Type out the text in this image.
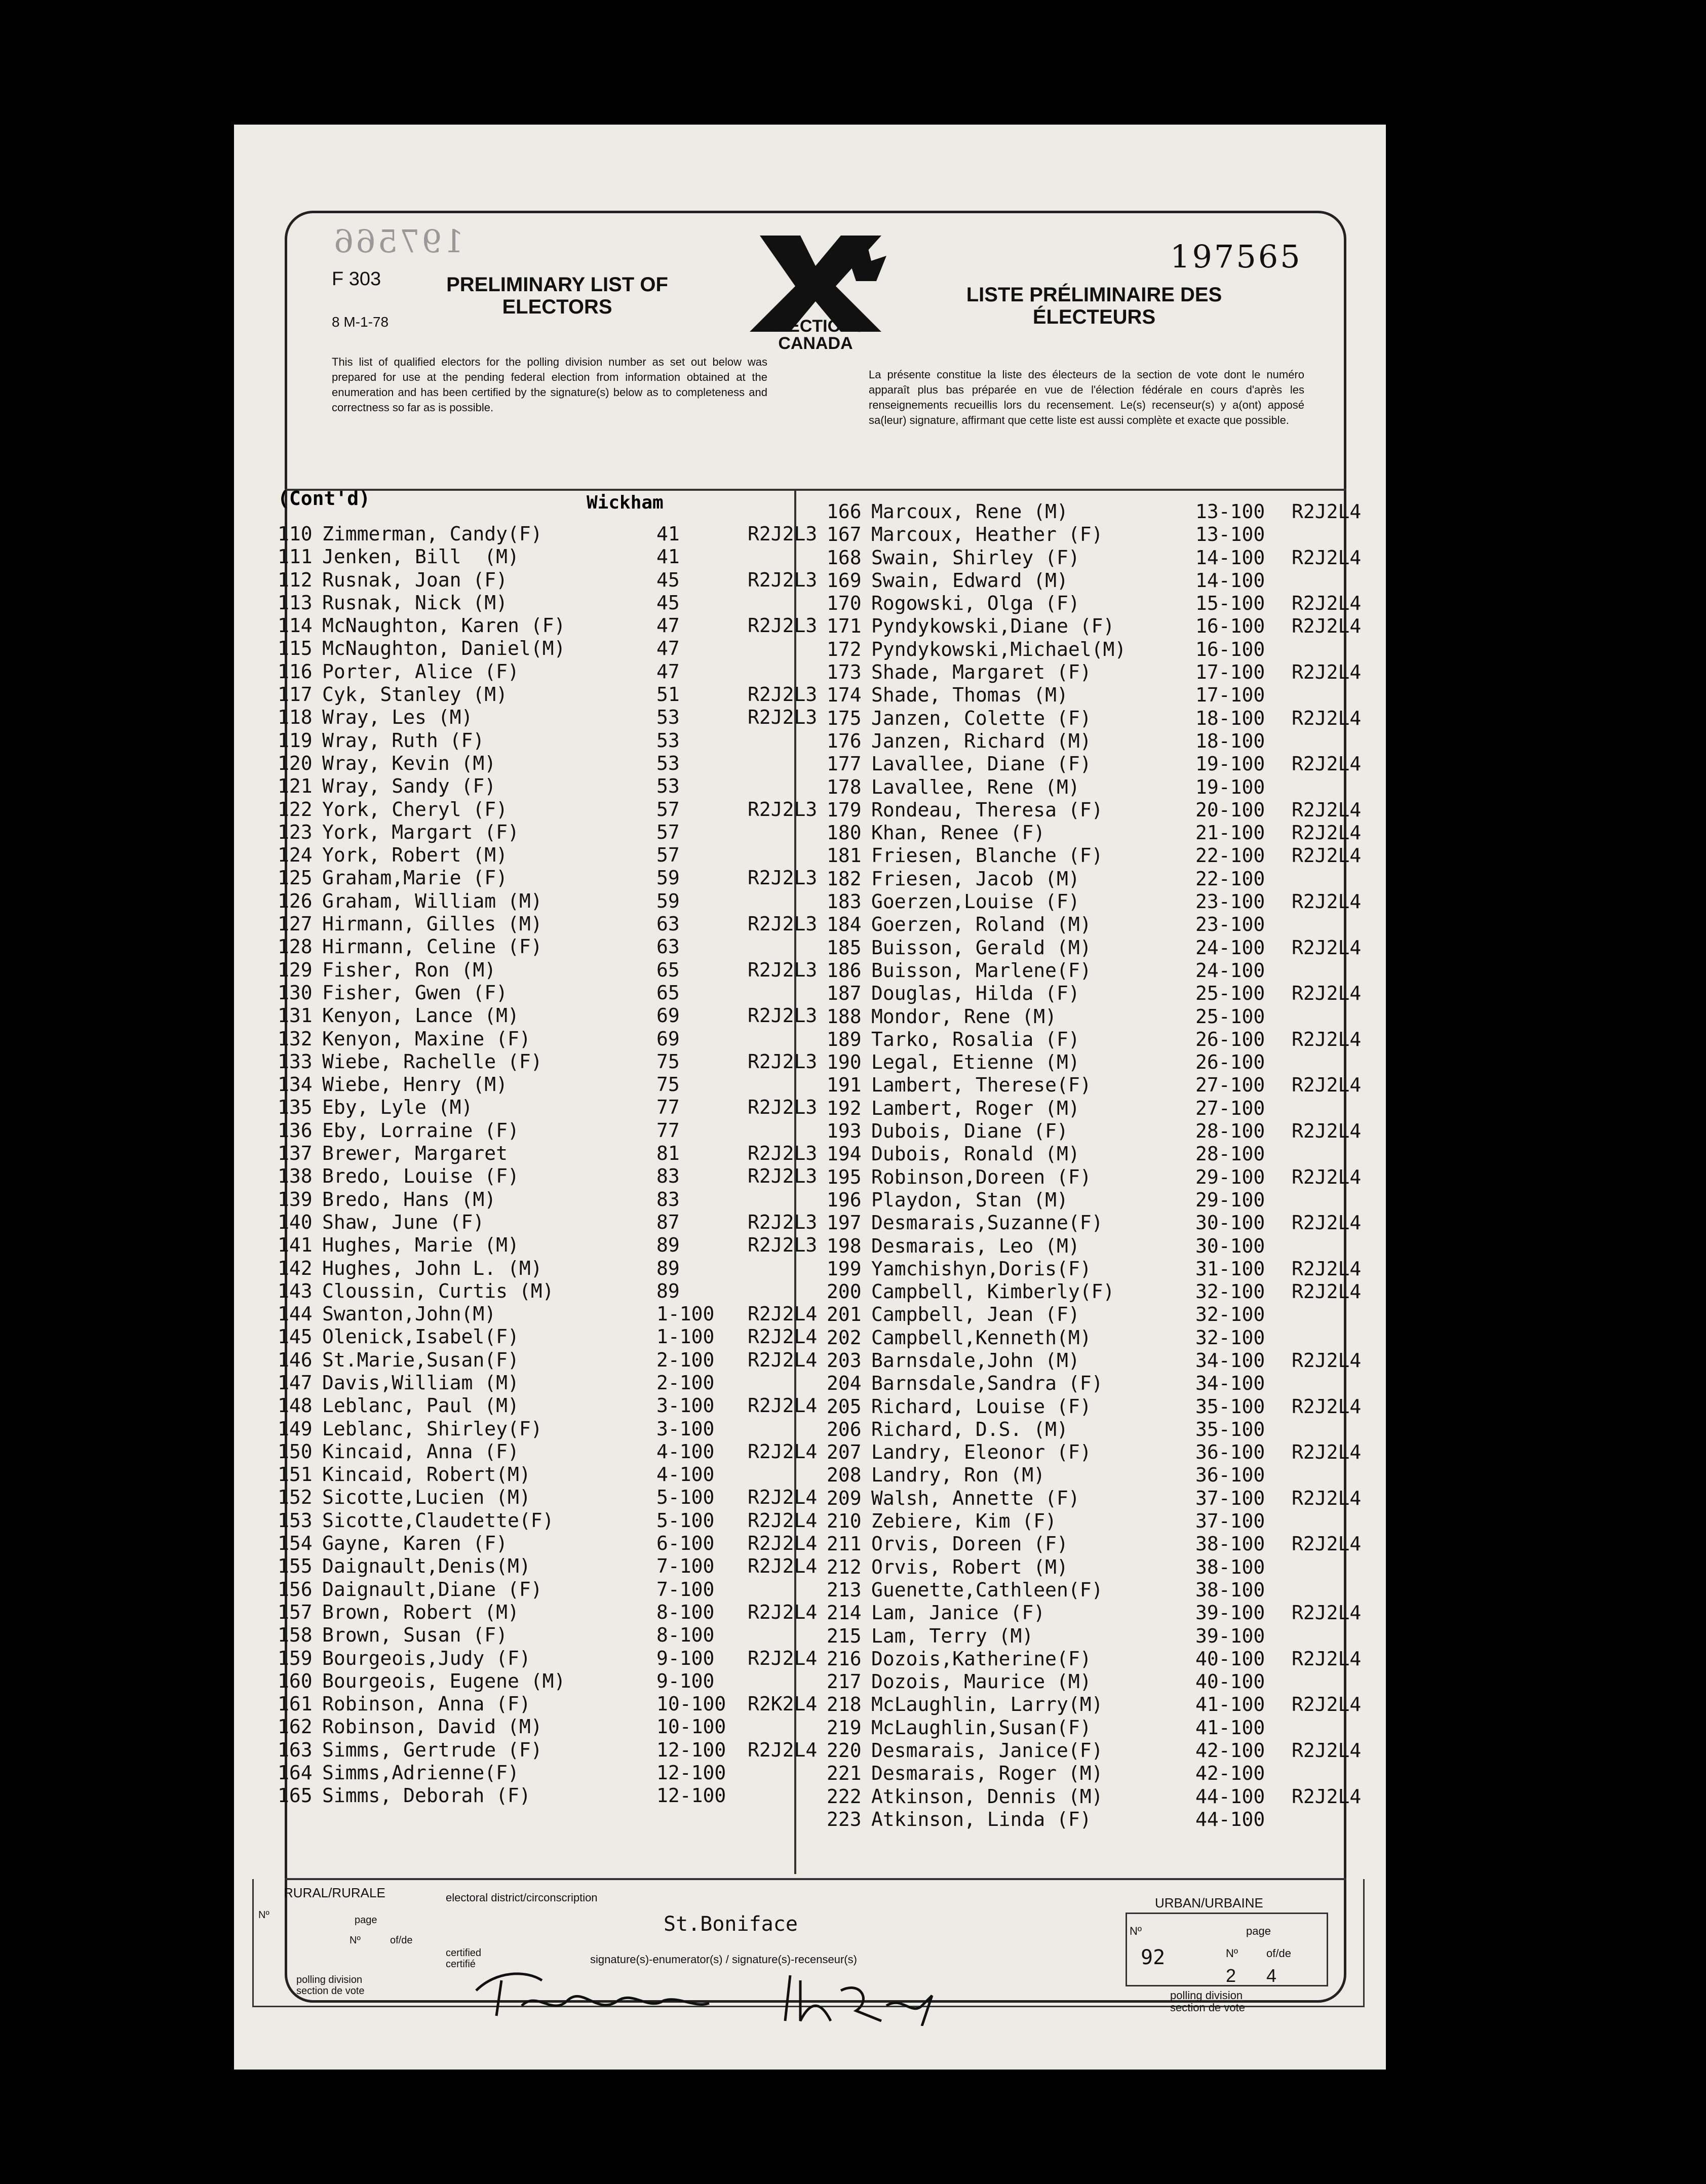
197566
F 303
8 M-1-78
PRELIMINARY LIST OF
ELECTORS
ELECTIONS
CANADA
LISTE PRÉLIMINAIRE DES
ÉLECTEURS
197565
This list of qualified electors for the polling division number as set out below was prepared for use at the pending federal election from information obtained at the enumeration and has been certified by the signature(s) below as to completeness and correctness so far as is possible.
La présente constitue la liste des électeurs de la section de vote dont le numéro apparaît plus bas préparée en vue de l'élection fédérale en cours d'après les renseignements recueillis lors du recensement. Le(s) recenseur(s) y a(ont) apposé sa(leur) signature, affirmant que cette liste est aussi complète et exacte que possible.
(Cont'd)	Wickham
110 Zimmerman, Candy(F)	41	R2J2L3
111 Jenken, Bill  (M)	41
112 Rusnak, Joan (F)	45	R2J2L3
113 Rusnak, Nick (M)	45
114 McNaughton, Karen (F)	47	R2J2L3
115 McNaughton, Daniel(M)	47
116 Porter, Alice (F)	47
117 Cyk, Stanley (M)	51	R2J2L3
118 Wray, Les (M)	53	R2J2L3
119 Wray, Ruth (F)	53
120 Wray, Kevin (M)	53
121 Wray, Sandy (F)	53
122 York, Cheryl (F)	57	R2J2L3
123 York, Margart (F)	57
124 York, Robert (M)	57
125 Graham,Marie (F)	59	R2J2L3
126 Graham, William (M)	59
127 Hirmann, Gilles (M)	63	R2J2L3
128 Hirmann, Celine (F)	63
129 Fisher, Ron (M)	65	R2J2L3
130 Fisher, Gwen (F)	65
131 Kenyon, Lance (M)	69	R2J2L3
132 Kenyon, Maxine (F)	69
133 Wiebe, Rachelle (F)	75	R2J2L3
134 Wiebe, Henry (M)	75
135 Eby, Lyle (M)	77	R2J2L3
136 Eby, Lorraine (F)	77
137 Brewer, Margaret	81	R2J2L3
138 Bredo, Louise (F)	83	R2J2L3
139 Bredo, Hans (M)	83
140 Shaw, June (F)	87	R2J2L3
141 Hughes, Marie (M)	89	R2J2L3
142 Hughes, John L. (M)	89
143 Cloussin, Curtis (M)	89
144 Swanton,John(M)	1-100	R2J2L4
145 Olenick,Isabel(F)	1-100	R2J2L4
146 St.Marie,Susan(F)	2-100	R2J2L4
147 Davis,William (M)	2-100
148 Leblanc, Paul (M)	3-100	R2J2L4
149 Leblanc, Shirley(F)	3-100
150 Kincaid, Anna (F)	4-100	R2J2L4
151 Kincaid, Robert(M)	4-100
152 Sicotte,Lucien (M)	5-100	R2J2L4
153 Sicotte,Claudette(F)	5-100	R2J2L4
154 Gayne, Karen (F)	6-100	R2J2L4
155 Daignault,Denis(M)	7-100	R2J2L4
156 Daignault,Diane (F)	7-100
157 Brown, Robert (M)	8-100	R2J2L4
158 Brown, Susan (F)	8-100
159 Bourgeois,Judy (F)	9-100	R2J2L4
160 Bourgeois, Eugene (M)	9-100
161 Robinson, Anna (F)	10-100	R2K2L4
162 Robinson, David (M)	10-100
163 Simms, Gertrude (F)	12-100	R2J2L4
164 Simms,Adrienne(F)	12-100
165 Simms, Deborah (F)	12-100
166 Marcoux, Rene (M)	13-100	R2J2L4
167 Marcoux, Heather (F)	13-100
168 Swain, Shirley (F)	14-100	R2J2L4
169 Swain, Edward (M)	14-100
170 Rogowski, Olga (F)	15-100	R2J2L4
171 Pyndykowski,Diane (F)	16-100	R2J2L4
172 Pyndykowski,Michael(M)	16-100
173 Shade, Margaret (F)	17-100	R2J2L4
174 Shade, Thomas (M)	17-100
175 Janzen, Colette (F)	18-100	R2J2L4
176 Janzen, Richard (M)	18-100
177 Lavallee, Diane (F)	19-100	R2J2L4
178 Lavallee, Rene (M)	19-100
179 Rondeau, Theresa (F)	20-100	R2J2L4
180 Khan, Renee (F)	21-100	R2J2L4
181 Friesen, Blanche (F)	22-100	R2J2L4
182 Friesen, Jacob (M)	22-100
183 Goerzen,Louise (F)	23-100	R2J2L4
184 Goerzen, Roland (M)	23-100
185 Buisson, Gerald (M)	24-100	R2J2L4
186 Buisson, Marlene(F)	24-100
187 Douglas, Hilda (F)	25-100	R2J2L4
188 Mondor, Rene (M)	25-100
189 Tarko, Rosalia (F)	26-100	R2J2L4
190 Legal, Etienne (M)	26-100
191 Lambert, Therese(F)	27-100	R2J2L4
192 Lambert, Roger (M)	27-100
193 Dubois, Diane (F)	28-100	R2J2L4
194 Dubois, Ronald (M)	28-100
195 Robinson,Doreen (F)	29-100	R2J2L4
196 Playdon, Stan (M)	29-100
197 Desmarais,Suzanne(F)	30-100	R2J2L4
198 Desmarais, Leo (M)	30-100
199 Yamchishyn,Doris(F)	31-100	R2J2L4
200 Campbell, Kimberly(F)	32-100	R2J2L4
201 Campbell, Jean (F)	32-100
202 Campbell,Kenneth(M)	32-100
203 Barnsdale,John (M)	34-100	R2J2L4
204 Barnsdale,Sandra (F)	34-100
205 Richard, Louise (F)	35-100	R2J2L4
206 Richard, D.S. (M)	35-100
207 Landry, Eleonor (F)	36-100	R2J2L4
208 Landry, Ron (M)	36-100
209 Walsh, Annette (F)	37-100	R2J2L4
210 Zebiere, Kim (F)	37-100
211 Orvis, Doreen (F)	38-100	R2J2L4
212 Orvis, Robert (M)	38-100
213 Guenette,Cathleen(F)	38-100
214 Lam, Janice (F)	39-100	R2J2L4
215 Lam, Terry (M)	39-100
216 Dozois,Katherine(F)	40-100	R2J2L4
217 Dozois, Maurice (M)	40-100
218 McLaughlin, Larry(M)	41-100	R2J2L4
219 McLaughlin,Susan(F)	41-100
220 Desmarais, Janice(F)	42-100	R2J2L4
221 Desmarais, Roger (M)	42-100
222 Atkinson, Dennis (M)	44-100	R2J2L4
223 Atkinson, Linda (F)	44-100
RURAL/RURALE	electoral district/circonscription
Nº	page
Nº	of/de
polling division
section de vote
certified
certifié
St.Boniface
signature(s)-enumerator(s) / signature(s)-recenseur(s)
URBAN/URBAINE
Nº	page
92	Nº	of/de
2 4
polling division
section de vote
